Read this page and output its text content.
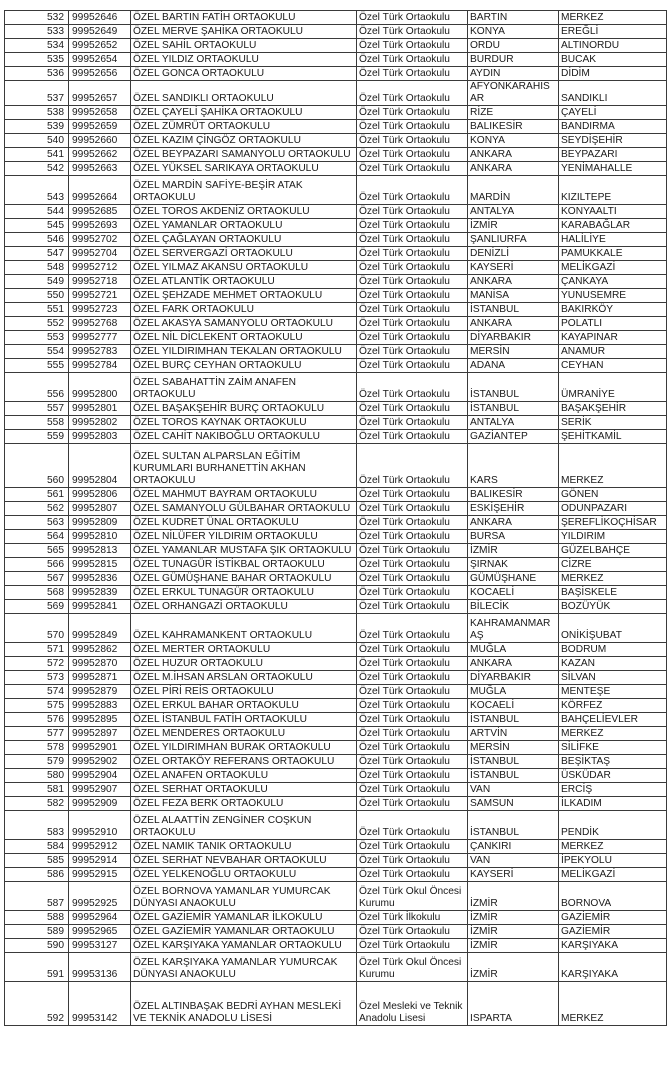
532	99952646	ÖZEL BARTIN FATİH ORTAOKULU	Özel Türk Ortaokulu	BARTIN	MERKEZ
533	99952649	ÖZEL MERVE ŞAHİKA ORTAOKULU	Özel Türk Ortaokulu	KONYA	EREĞLİ
534	99952652	ÖZEL SAHİL ORTAOKULU	Özel Türk Ortaokulu	ORDU	ALTINORDU
535	99952654	ÖZEL YILDIZ ORTAOKULU	Özel Türk Ortaokulu	BURDUR	BUCAK
536	99952656	ÖZEL GONCA ORTAOKULU	Özel Türk Ortaokulu	AYDIN	DİDİM
537	99952657	ÖZEL SANDIKLI ORTAOKULU	Özel Türk Ortaokulu	AFYONKARAHİSAR	SANDIKLI
538	99952658	ÖZEL ÇAYELİ ŞAHİKA ORTAOKULU	Özel Türk Ortaokulu	RİZE	ÇAYELİ
539	99952659	ÖZEL ZÜMRÜT ORTAOKULU	Özel Türk Ortaokulu	BALIKESİR	BANDIRMA
540	99952660	ÖZEL KAZIM ÇİNGÖZ ORTAOKULU	Özel Türk Ortaokulu	KONYA	SEYDİŞEHİR
541	99952662	ÖZEL BEYPAZARI SAMANYOLU ORTAOKULU	Özel Türk Ortaokulu	ANKARA	BEYPAZARI
542	99952663	ÖZEL YÜKSEL SARIKAYA ORTAOKULU	Özel Türk Ortaokulu	ANKARA	YENİMAHALLE
543	99952664	ÖZEL MARDİN SAFİYE-BEŞİR ATAK ORTAOKULU	Özel Türk Ortaokulu	MARDİN	KIZILTEPE
544	99952685	ÖZEL TOROS AKDENİZ ORTAOKULU	Özel Türk Ortaokulu	ANTALYA	KONYAALTI
545	99952693	ÖZEL YAMANLAR ORTAOKULU	Özel Türk Ortaokulu	İZMİR	KARABAĞLAR
546	99952702	ÖZEL ÇAĞLAYAN ORTAOKULU	Özel Türk Ortaokulu	ŞANLIURFA	HALİLİYE
547	99952704	ÖZEL SERVERGAZİ ORTAOKULU	Özel Türk Ortaokulu	DENİZLİ	PAMUKKALE
548	99952712	ÖZEL YILMAZ AKANSU ORTAOKULU	Özel Türk Ortaokulu	KAYSERİ	MELİKGAZİ
549	99952718	ÖZEL ATLANTİK ORTAOKULU	Özel Türk Ortaokulu	ANKARA	ÇANKAYA
550	99952721	ÖZEL ŞEHZADE MEHMET ORTAOKULU	Özel Türk Ortaokulu	MANİSA	YUNUSEMRE
551	99952723	ÖZEL FARK ORTAOKULU	Özel Türk Ortaokulu	İSTANBUL	BAKIRKÖY
552	99952768	ÖZEL AKASYA SAMANYOLU ORTAOKULU	Özel Türk Ortaokulu	ANKARA	POLATLI
553	99952777	ÖZEL NİL DİCLEKENT ORTAOKULU	Özel Türk Ortaokulu	DİYARBAKIR	KAYAPINAR
554	99952783	ÖZEL YILDIRIMHAN TEKALAN ORTAOKULU	Özel Türk Ortaokulu	MERSİN	ANAMUR
555	99952784	ÖZEL BURÇ CEYHAN ORTAOKULU	Özel Türk Ortaokulu	ADANA	CEYHAN
556	99952800	ÖZEL SABAHATTİN ZAİM ANAFEN ORTAOKULU	Özel Türk Ortaokulu	İSTANBUL	ÜMRANİYE
557	99952801	ÖZEL BAŞAKŞEHİR BURÇ ORTAOKULU	Özel Türk Ortaokulu	İSTANBUL	BAŞAKŞEHİR
558	99952802	ÖZEL TOROS KAYNAK ORTAOKULU	Özel Türk Ortaokulu	ANTALYA	SERİK
559	99952803	ÖZEL CAHİT NAKIBOĞLU ORTAOKULU	Özel Türk Ortaokulu	GAZİANTEP	ŞEHİTKAMİL
560	99952804	ÖZEL SULTAN ALPARSLAN EĞİTİM KURUMLARI BURHANETTİN AKHAN ORTAOKULU	Özel Türk Ortaokulu	KARS	MERKEZ
561	99952806	ÖZEL MAHMUT BAYRAM ORTAOKULU	Özel Türk Ortaokulu	BALIKESİR	GÖNEN
562	99952807	ÖZEL SAMANYOLU GÜLBAHAR ORTAOKULU	Özel Türk Ortaokulu	ESKİŞEHİR	ODUNPAZARI
563	99952809	ÖZEL KUDRET ÜNAL ORTAOKULU	Özel Türk Ortaokulu	ANKARA	ŞEREFLİKOÇHİSAR
564	99952810	ÖZEL NİLÜFER YILDIRIM ORTAOKULU	Özel Türk Ortaokulu	BURSA	YILDIRIM
565	99952813	ÖZEL YAMANLAR MUSTAFA ŞIK ORTAOKULU	Özel Türk Ortaokulu	İZMİR	GÜZELBAHÇE
566	99952815	ÖZEL TUNAGÜR İSTİKBAL ORTAOKULU	Özel Türk Ortaokulu	ŞIRNAK	CİZRE
567	99952836	ÖZEL GÜMÜŞHANE BAHAR ORTAOKULU	Özel Türk Ortaokulu	GÜMÜŞHANE	MERKEZ
568	99952839	ÖZEL ERKUL TUNAGÜR ORTAOKULU	Özel Türk Ortaokulu	KOCAELİ	BAŞİSKELE
569	99952841	ÖZEL ORHANGAZİ ORTAOKULU	Özel Türk Ortaokulu	BİLECİK	BOZÜYÜK
570	99952849	ÖZEL KAHRAMANKENT ORTAOKULU	Özel Türk Ortaokulu	KAHRAMANMARAŞ	ONİKİŞUBAT
571	99952862	ÖZEL MERTER ORTAOKULU	Özel Türk Ortaokulu	MUĞLA	BODRUM
572	99952870	ÖZEL HUZUR ORTAOKULU	Özel Türk Ortaokulu	ANKARA	KAZAN
573	99952871	ÖZEL M.İHSAN ARSLAN ORTAOKULU	Özel Türk Ortaokulu	DİYARBAKIR	SİLVAN
574	99952879	ÖZEL PİRİ REİS ORTAOKULU	Özel Türk Ortaokulu	MUĞLA	MENTEŞE
575	99952883	ÖZEL ERKUL BAHAR ORTAOKULU	Özel Türk Ortaokulu	KOCAELİ	KÖRFEZ
576	99952895	ÖZEL İSTANBUL FATİH ORTAOKULU	Özel Türk Ortaokulu	İSTANBUL	BAHÇELİEVLER
577	99952897	ÖZEL MENDERES ORTAOKULU	Özel Türk Ortaokulu	ARTVİN	MERKEZ
578	99952901	ÖZEL YILDIRIMHAN BURAK ORTAOKULU	Özel Türk Ortaokulu	MERSİN	SİLİFKE
579	99952902	ÖZEL ORTAKÖY REFERANS ORTAOKULU	Özel Türk Ortaokulu	İSTANBUL	BEŞİKTAŞ
580	99952904	ÖZEL ANAFEN ORTAOKULU	Özel Türk Ortaokulu	İSTANBUL	ÜSKÜDAR
581	99952907	ÖZEL SERHAT ORTAOKULU	Özel Türk Ortaokulu	VAN	ERCİŞ
582	99952909	ÖZEL FEZA BERK ORTAOKULU	Özel Türk Ortaokulu	SAMSUN	İLKADIM
583	99952910	ÖZEL ALAATTİN ZENGİNER COŞKUN ORTAOKULU	Özel Türk Ortaokulu	İSTANBUL	PENDİK
584	99952912	ÖZEL NAMIK TANIK ORTAOKULU	Özel Türk Ortaokulu	ÇANKIRI	MERKEZ
585	99952914	ÖZEL SERHAT NEVBAHAR ORTAOKULU	Özel Türk Ortaokulu	VAN	İPEKYOLU
586	99952915	ÖZEL YELKENOĞLU ORTAOKULU	Özel Türk Ortaokulu	KAYSERİ	MELİKGAZİ
587	99952925	ÖZEL BORNOVA YAMANLAR YUMURCAK DÜNYASI ANAOKULU	Özel Türk Okul Öncesi Kurumu	İZMİR	BORNOVA
588	99952964	ÖZEL GAZİEMİR YAMANLAR İLKOKULU	Özel Türk İlkokulu	İZMİR	GAZİEMİR
589	99952965	ÖZEL GAZİEMİR YAMANLAR ORTAOKULU	Özel Türk Ortaokulu	İZMİR	GAZİEMİR
590	99953127	ÖZEL KARŞIYAKA YAMANLAR ORTAOKULU	Özel Türk Ortaokulu	İZMİR	KARŞIYAKA
591	99953136	ÖZEL KARŞIYAKA YAMANLAR YUMURCAK DÜNYASI ANAOKULU	Özel Türk Okul Öncesi Kurumu	İZMİR	KARŞIYAKA
592	99953142	ÖZEL ALTINBAŞAK BEDRİ AYHAN MESLEKİ VE TEKNİK ANADOLU LİSESİ	Özel Mesleki ve Teknik Anadolu Lisesi	ISPARTA	MERKEZ
